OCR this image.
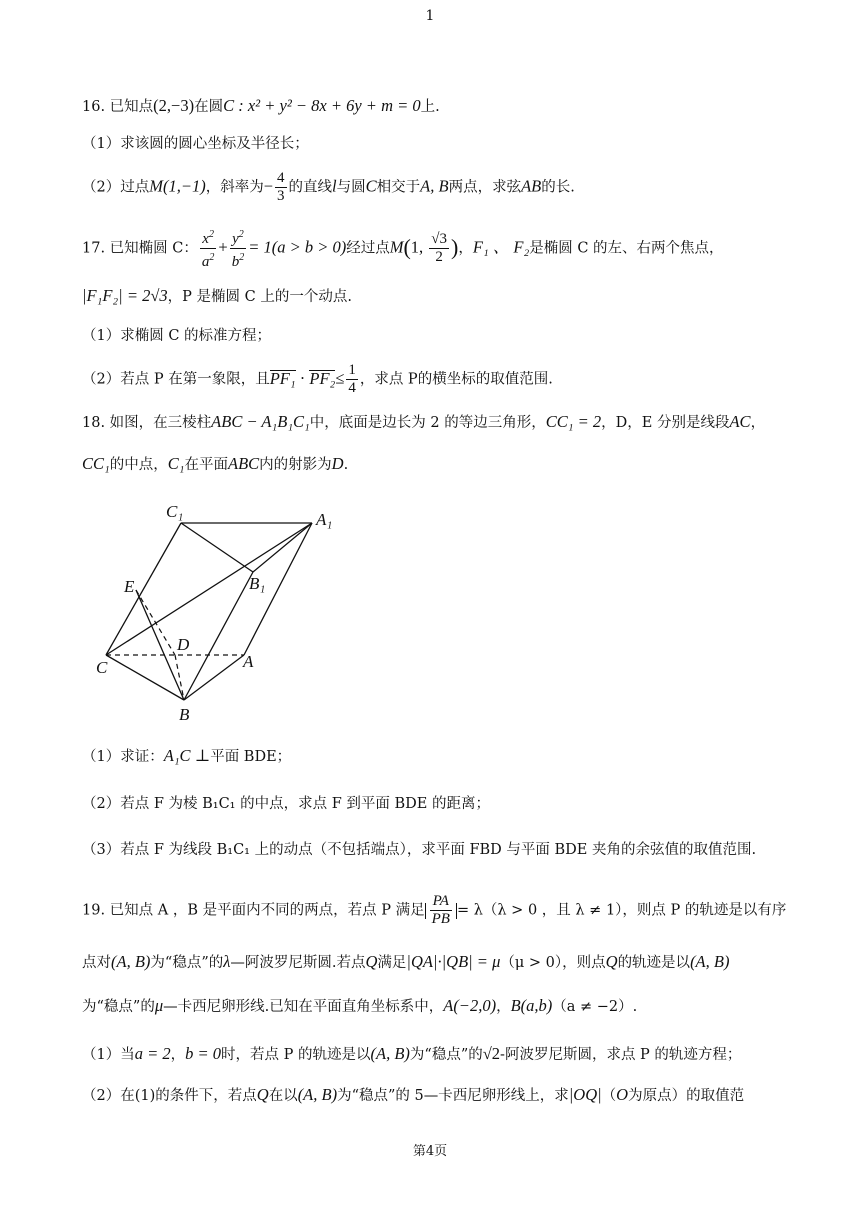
1
16. 已知点(2,−3)在圆C : x² + y² − 8x + 6y + m = 0上.
（1）求该圆的圆心坐标及半径长；
（2）过点M(1,−1)，斜率为− $\frac{4}{3}$ 的直线l与圆C相交于A, B两点，求弦AB的长.
17. 已知椭圆 C： $\frac{x^2}{a^2} + \frac{y^2}{b^2} = 1(a > b > 0)$经过点M(1, $\frac{√3}{2}$ )，F₁ 、 F₂是椭圆 C 的左、右两个焦点，
|F₁F₂| = 2√3，P 是椭圆 C 上的一个动点.
（1）求椭圆 C 的标准方程；
（2）若点 P 在第一象限，且$PF_1 \cdot PF_2\le \frac{1}{4}$ ，求点 P的横坐标的取值范围.
18. 如图，在三棱柱ABC − A₁B₁C₁中，底面是边长为 2 的等边三角形，CC₁ = 2，D，E 分别是线段AC，
CC₁的中点，C₁在平面ABC内的射影为D.
C₁	A₁
B₁
E
D
C	A
B
（1）求证：A₁C ⊥平面 BDE；
（2）若点 F 为棱 B₁C₁ 的中点，求点 F 到平面 BDE 的距离；
（3）若点 F 为线段 B₁C₁ 上的动点（不包括端点），求平面 FBD 与平面 BDE 夹角的余弦值的取值范围.
19. 已知点 A ，B 是平面内不同的两点，若点 P 满足 $\frac{PA}{PB} = \lambda(\lambda > 0$ ，且 λ ≠ 1），则点 P 的轨迹是以有序
点对(A, B)为“稳点”的λ—阿波罗尼斯圆.若点Q满足|QA|·|QB| = μ（μ > 0），则点Q的轨迹是以(A, B)
为“稳点”的μ—卡西尼卵形线.已知在平面直角坐标系中，A(−2,0)，B(a,b)（a ≠ −2）.
（1）当a = 2，b = 0时，若点 P 的轨迹是以(A, B)为“稳点”的√2-阿波罗尼斯圆，求点 P 的轨迹方程；
（2）在(1)的条件下，若点Q在以(A, B)为“稳点”的 5—卡西尼卵形线上，求|OQ|（O为原点）的取值范
第4页
